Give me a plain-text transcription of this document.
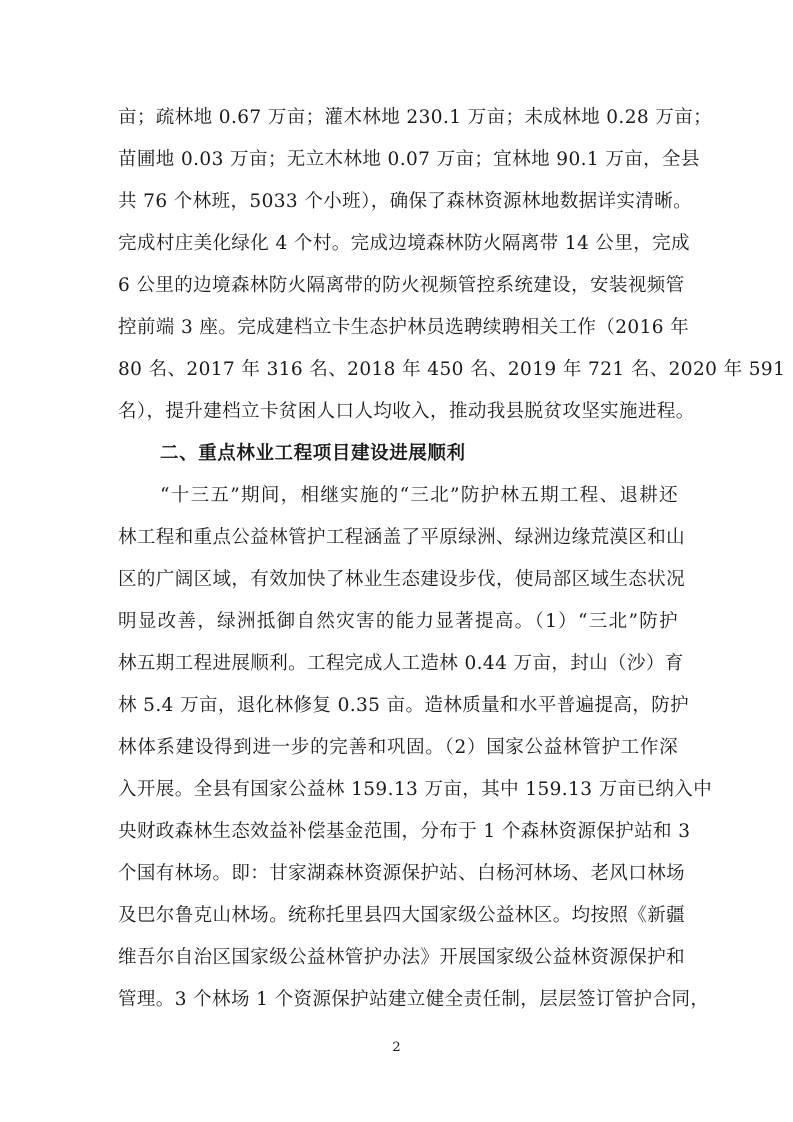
亩；疏林地 0.67 万亩；灌木林地 230.1 万亩；未成林地 0.28 万亩；
苗圃地 0.03 万亩；无立木林地 0.07 万亩；宜林地 90.1 万亩，全县
共 76 个林班，5033 个小班），确保了森林资源林地数据详实清晰。
完成村庄美化绿化 4 个村。完成边境森林防火隔离带 14 公里，完成
6 公里的边境森林防火隔离带的防火视频管控系统建设，安装视频管
控前端 3 座。完成建档立卡生态护林员选聘续聘相关工作（2016 年
80 名、2017 年 316 名、2018 年 450 名、2019 年 721 名、2020 年 591
名），提升建档立卡贫困人口人均收入，推动我县脱贫攻坚实施进程。
二、重点林业工程项目建设进展顺利
“十三五”期间，相继实施的“三北”防护林五期工程、退耕还
林工程和重点公益林管护工程涵盖了平原绿洲、绿洲边缘荒漠区和山
区的广阔区域，有效加快了林业生态建设步伐，使局部区域生态状况
明显改善，绿洲抵御自然灾害的能力显著提高。（1）“三北”防护
林五期工程进展顺利。工程完成人工造林 0.44 万亩，封山（沙）育
林 5.4 万亩，退化林修复 0.35 亩。造林质量和水平普遍提高，防护
林体系建设得到进一步的完善和巩固。（2）国家公益林管护工作深
入开展。全县有国家公益林 159.13 万亩，其中 159.13 万亩已纳入中
央财政森林生态效益补偿基金范围，分布于 1 个森林资源保护站和 3
个国有林场。即：甘家湖森林资源保护站、白杨河林场、老风口林场
及巴尔鲁克山林场。统称托里县四大国家级公益林区。均按照《新疆
维吾尔自治区国家级公益林管护办法》开展国家级公益林资源保护和
管理。3 个林场 1 个资源保护站建立健全责任制，层层签订管护合同，
2
